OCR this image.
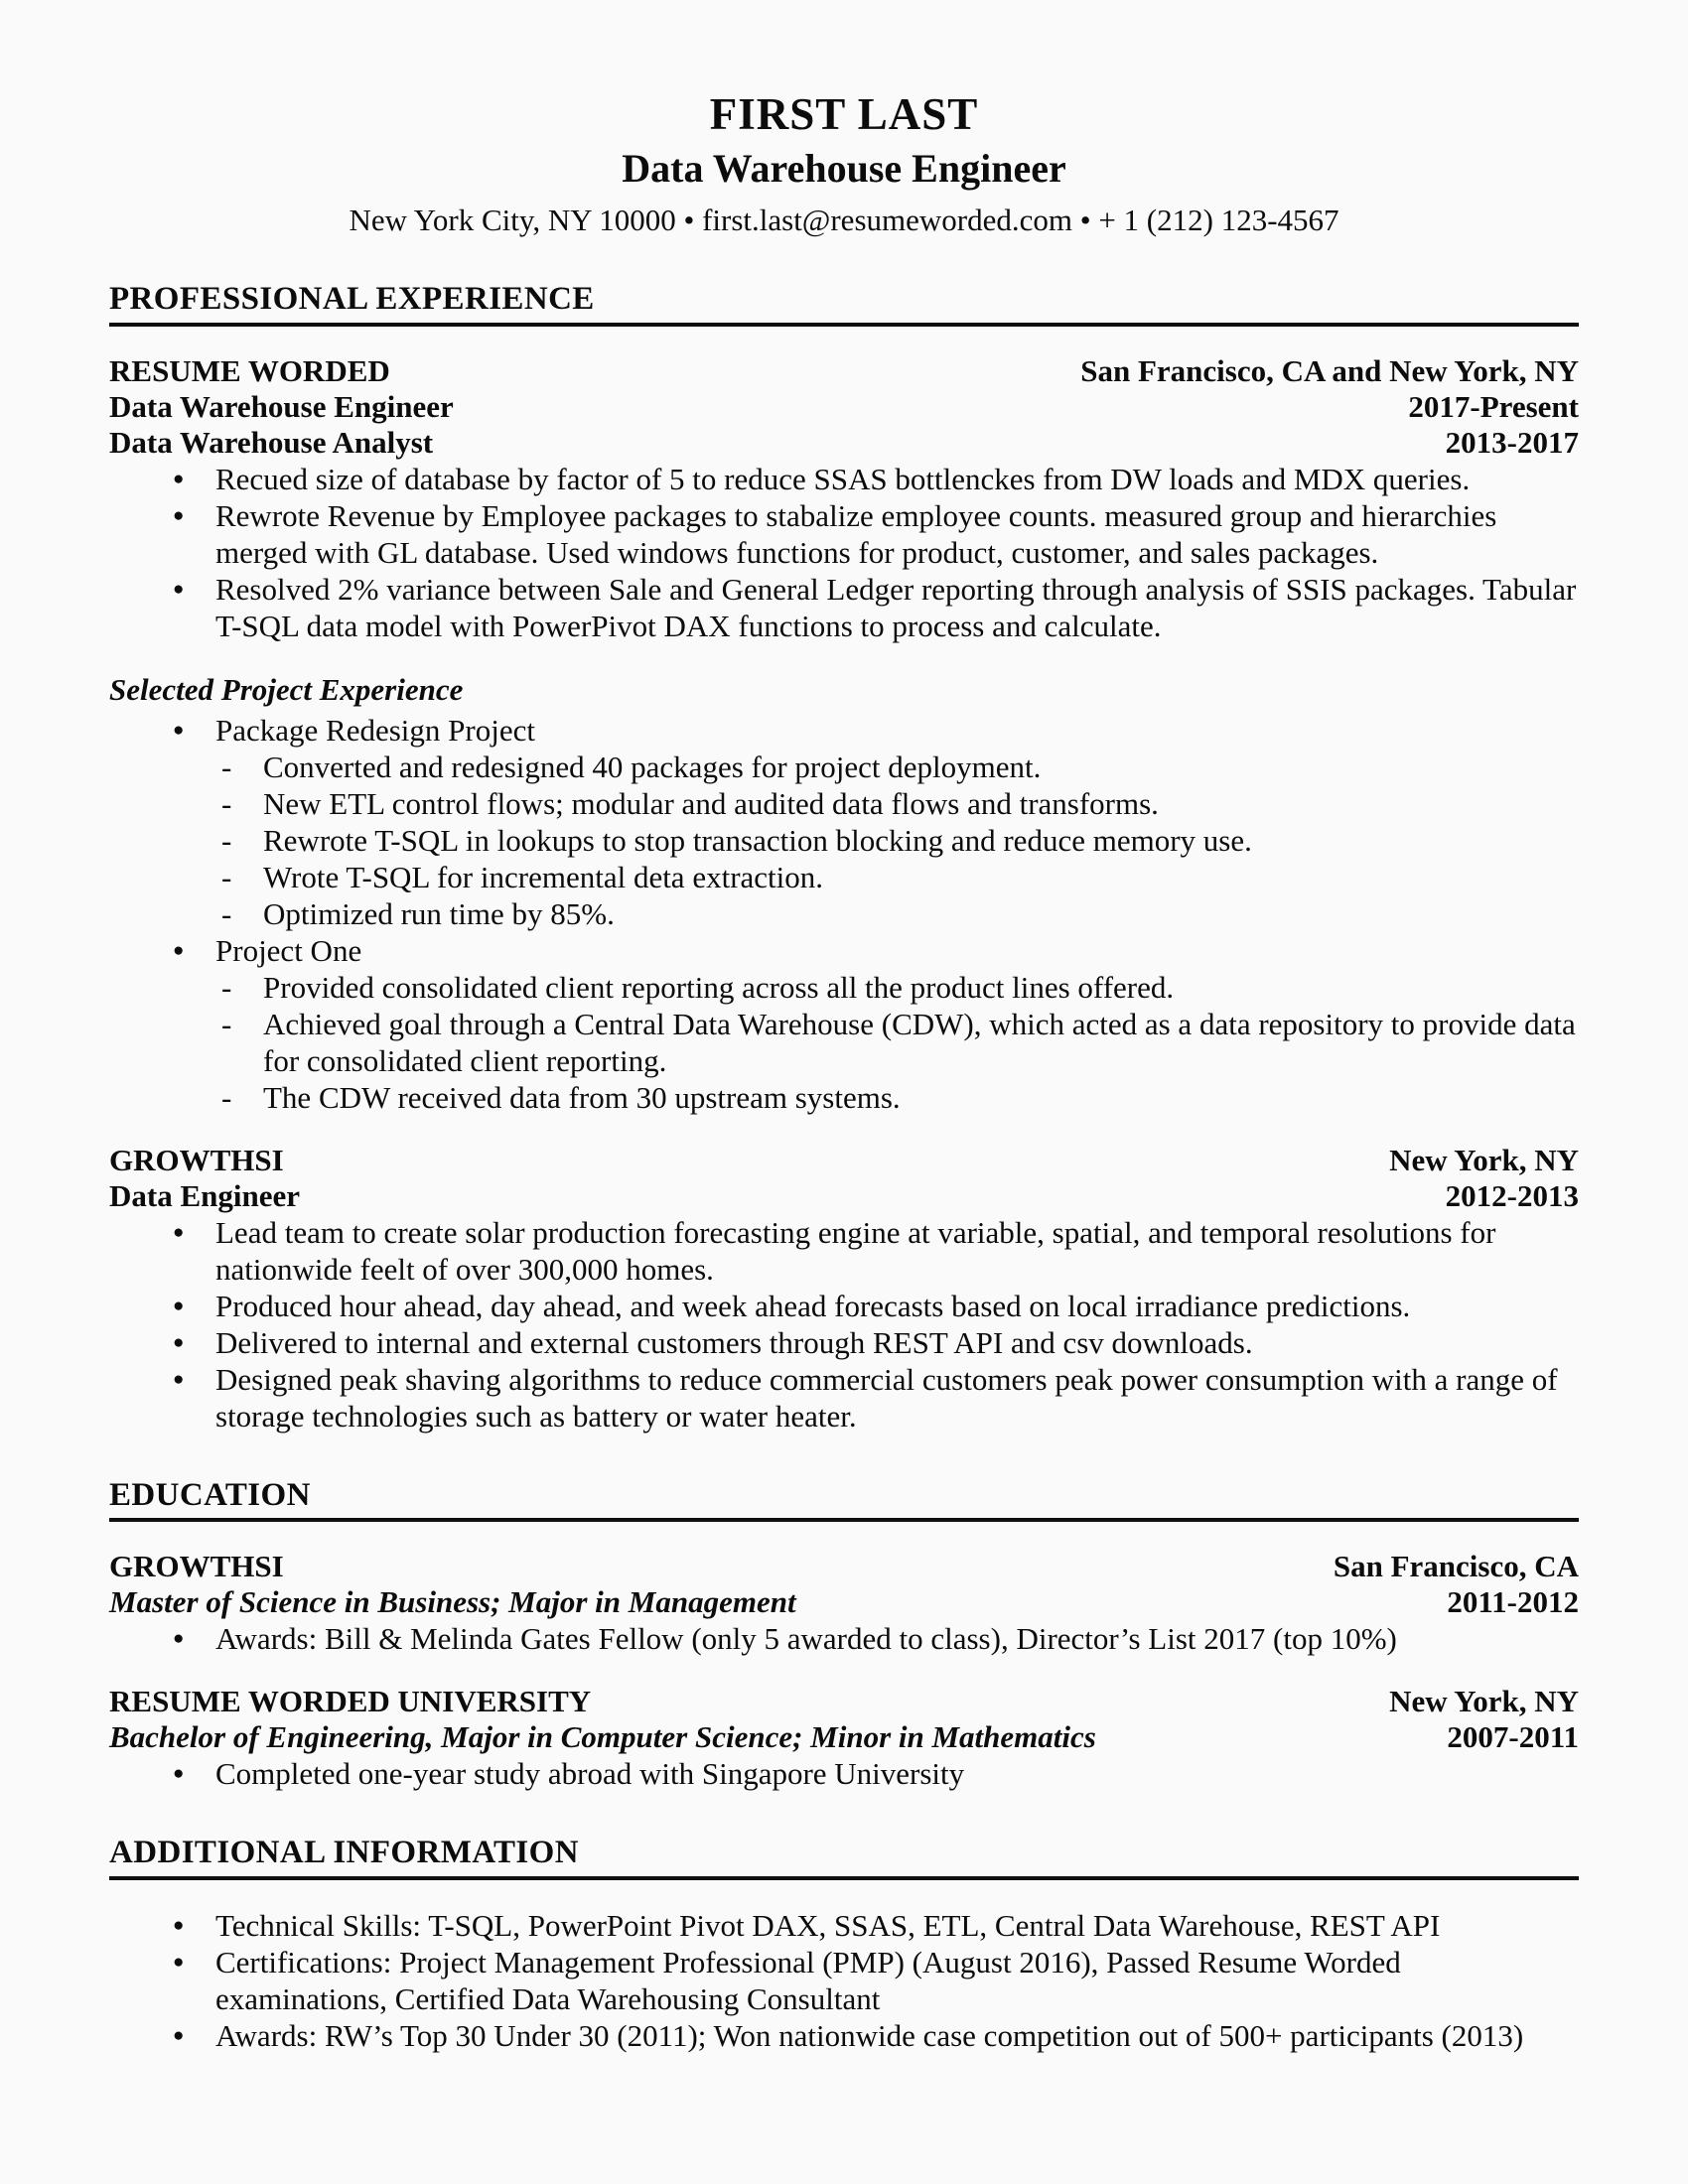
FIRST LAST
Data Warehouse Engineer
New York City, NY 10000 • first.last@resumeworded.com • + 1 (212) 123-4567
PROFESSIONAL EXPERIENCE
RESUME WORDED	San Francisco, CA and New York, NY
Data Warehouse Engineer	2017-Present
Data Warehouse Analyst	2013-2017
●	Recued size of database by factor of 5 to reduce SSAS bottlenckes from DW loads and MDX queries.
●	Rewrote Revenue by Employee packages to stabalize employee counts. measured group and hierarchies merged with GL database. Used windows functions for product, customer, and sales packages.
●	Resolved 2% variance between Sale and General Ledger reporting through analysis of SSIS packages. Tabular T-SQL data model with PowerPivot DAX functions to process and calculate.
Selected Project Experience
●	Package Redesign Project
-	Converted and redesigned 40 packages for project deployment.
-	New ETL control flows; modular and audited data flows and transforms.
-	Rewrote T-SQL in lookups to stop transaction blocking and reduce memory use.
-	Wrote T-SQL for incremental deta extraction.
-	Optimized run time by 85%.
●	Project One
-	Provided consolidated client reporting across all the product lines offered.
-	Achieved goal through a Central Data Warehouse (CDW), which acted as a data repository to provide data for consolidated client reporting.
-	The CDW received data from 30 upstream systems.
GROWTHSI	New York, NY
Data Engineer	2012-2013
●	Lead team to create solar production forecasting engine at variable, spatial, and temporal resolutions for nationwide feelt of over 300,000 homes.
●	Produced hour ahead, day ahead, and week ahead forecasts based on local irradiance predictions.
●	Delivered to internal and external customers through REST API and csv downloads.
●	Designed peak shaving algorithms to reduce commercial customers peak power consumption with a range of storage technologies such as battery or water heater.
EDUCATION
GROWTHSI	San Francisco, CA
Master of Science in Business; Major in Management	2011-2012
●	Awards: Bill & Melinda Gates Fellow (only 5 awarded to class), Director’s List 2017 (top 10%)
RESUME WORDED UNIVERSITY	New York, NY
Bachelor of Engineering, Major in Computer Science; Minor in Mathematics	2007-2011
●	Completed one-year study abroad with Singapore University
ADDITIONAL INFORMATION
●	Technical Skills: T-SQL, PowerPoint Pivot DAX, SSAS, ETL, Central Data Warehouse, REST API
●	Certifications: Project Management Professional (PMP) (August 2016), Passed Resume Worded examinations, Certified Data Warehousing Consultant
●	Awards: RW’s Top 30 Under 30 (2011); Won nationwide case competition out of 500+ participants (2013)
